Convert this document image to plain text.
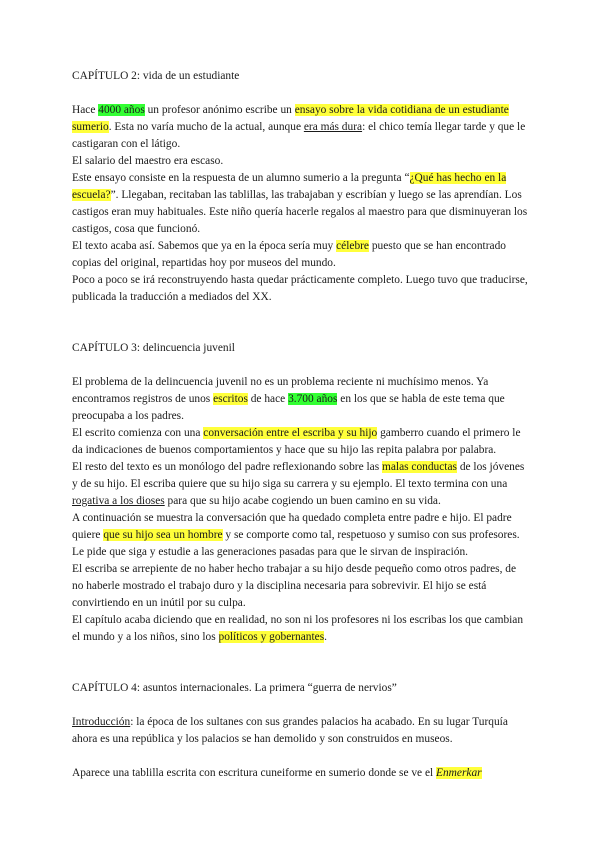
CAPÍTULO 2: vida de un estudiante

Hace 4000 años un profesor anónimo escribe un ensayo sobre la vida cotidiana de un estudiante sumerio. Esta no varía mucho de la actual, aunque era más dura: el chico temía llegar tarde y que le castigaran con el látigo.

El salario del maestro era escaso.

Este ensayo consiste en la respuesta de un alumno sumerio a la pregunta “¿Qué has hecho en la escuela?”. Llegaban, recitaban las tablillas, las trabajaban y escribían y luego se las aprendían. Los castigos eran muy habituales. Este niño quería hacerle regalos al maestro para que disminuyeran los castigos, cosa que funcionó.

El texto acaba así. Sabemos que ya en la época sería muy célebre puesto que se han encontrado copias del original, repartidas hoy por museos del mundo.

Poco a poco se irá reconstruyendo hasta quedar prácticamente completo. Luego tuvo que traducirse, publicada la traducción a mediados del XX.

CAPÍTULO 3: delincuencia juvenil

El problema de la delincuencia juvenil no es un problema reciente ni muchísimo menos. Ya encontramos registros de unos escritos de hace 3.700 años en los que se habla de este tema que preocupaba a los padres.

El escrito comienza con una conversación entre el escriba y su hijo gamberro cuando el primero le da indicaciones de buenos comportamientos y hace que su hijo las repita palabra por palabra.

El resto del texto es un monólogo del padre reflexionando sobre las malas conductas de los jóvenes y de su hijo. El escriba quiere que su hijo siga su carrera y su ejemplo. El texto termina con una rogativa a los dioses para que su hijo acabe cogiendo un buen camino en su vida.

A continuación se muestra la conversación que ha quedado completa entre padre e hijo. El padre quiere que su hijo sea un hombre y se comporte como tal, respetuoso y sumiso con sus profesores. Le pide que siga y estudie a las generaciones pasadas para que le sirvan de inspiración.

El escriba se arrepiente de no haber hecho trabajar a su hijo desde pequeño como otros padres, de no haberle mostrado el trabajo duro y la disciplina necesaria para sobrevivir. El hijo se está convirtiendo en un inútil por su culpa.

El capítulo acaba diciendo que en realidad, no son ni los profesores ni los escribas los que cambian el mundo y a los niños, sino los políticos y gobernantes.

CAPÍTULO 4: asuntos internacionales. La primera “guerra de nervios”

Introducción: la época de los sultanes con sus grandes palacios ha acabado. En su lugar Turquía ahora es una república y los palacios se han demolido y son construidos en museos.

Aparece una tablilla escrita con escritura cuneiforme en sumerio donde se ve el Enmerkar
